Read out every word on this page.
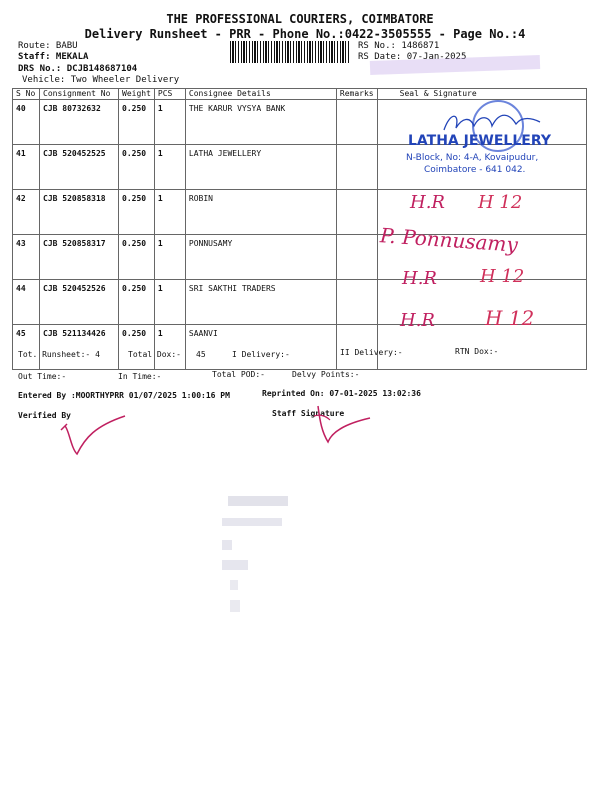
THE PROFESSIONAL COURIERS, COIMBATORE
Delivery Runsheet - PRR - Phone No.:0422-3505555 - Page No.:4
Route: BABU
Staff: MEKALA
DRS No.: DCJB148687104
Vehicle: Two Wheeler Delivery
RS No.: 1486871
RS Date: 07-Jan-2025
S No	Consignment No	Weight	PCS	Consignee Details	Remarks	Seal & Signature
40	CJB 80732632	0.250	1	THE KARUR VYSYA BANK		
41	CJB 520452525	0.250	1	LATHA JEWELLERY		
42	CJB 520858318	0.250	1	ROBIN		
43	CJB 520858317	0.250	1	PONNUSAMY		
44	CJB 520452526	0.250	1	SRI SAKTHI TRADERS		
45	CJB 521134426	0.250	1	SAANVI		
LATHA JEWELLERY
N-Block, No: 4-A, Kovaipudur,
Coimbatore - 641 042.
H.R H 12
P. Ponnusamy
H.R H 12
H.R	H 12
Tot. Runsheet:- 4	Total Dox:- 45	I Delivery:-	II Delivery:-	RTN Dox:-
Out Time:-	In Time:-	Total POD:-	Delvy Points:-
Entered By :MOORTHYPRR 01/07/2025 1:00:16 PM	Reprinted On: 07-01-2025 13:02:36
Verified By	Staff Signature
